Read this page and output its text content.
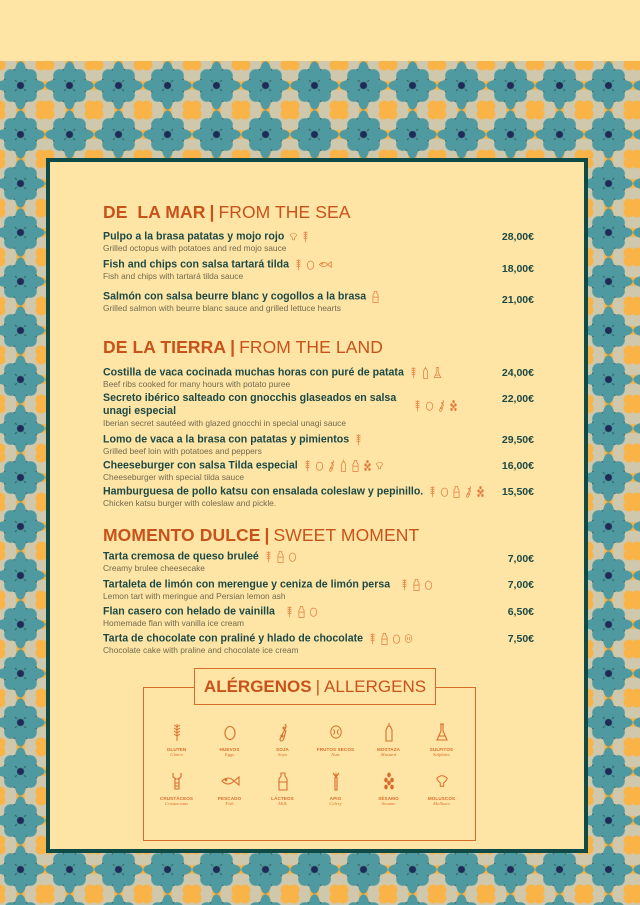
DE  LA MAR | FROM THE SEA
Pulpo a la brasa patatas y mojo rojo
Grilled octopus with potatoes and red mojo sauce
28,00€
Fish and chips con salsa tartará tilda
Fish and chips with tartará tilda sauce
18,00€
Salmón con salsa beurre blanc y cogollos a la brasa
Grilled salmon with beurre blanc sauce and grilled lettuce hearts
21,00€
DE LA TIERRA | FROM THE LAND
Costilla de vaca cocinada muchas horas con puré de patata
Beef ribs cooked for many hours with potato puree
24,00€
Secreto ibérico salteado con gnocchis glaseados en salsa unagi especial
Iberian secret sautéed with glazed gnocchi in special unagi sauce
22,00€
Lomo de vaca a la brasa con patatas y pimientos
Grilled beef loin with potatoes and peppers
29,50€
Cheeseburger con salsa Tilda especial
Cheeseburger with special tilda sauce
16,00€
Hamburguesa de pollo katsu con ensalada coleslaw y pepinillo.
Chicken katsu burger with coleslaw and pickle.
15,50€
MOMENTO DULCE | SWEET MOMENT
Tarta cremosa de queso bruleé
Creamy brulee cheesecake
7,00€
Tartaleta de limón con merengue y ceniza de limón persa
Lemon tart with meringue and Persian lemon ash
7,00€
Flan casero con helado de vainilla
Homemade flan with vanilla ice cream
6,50€
Tarta de chocolate con praliné y hlado de chocolate
Chocolate cake with praline and chocolate ice cream
7,50€
ALÉRGENOS | ALLERGENS
GLUTEN
Gluten
HUEVOS
Eggs
SOJA
Soya
FRUTOS SECOS
Nuts
MOSTAZA
Mustard
SULFITOS
Sulphites
CRUSTÁCEOS
Crustaceans
PESCADO
Fish
LÁCTEOS
Milk
APIO
Celery
SÉSAMO
Sesame
MOLUSCOS
Molluscs
